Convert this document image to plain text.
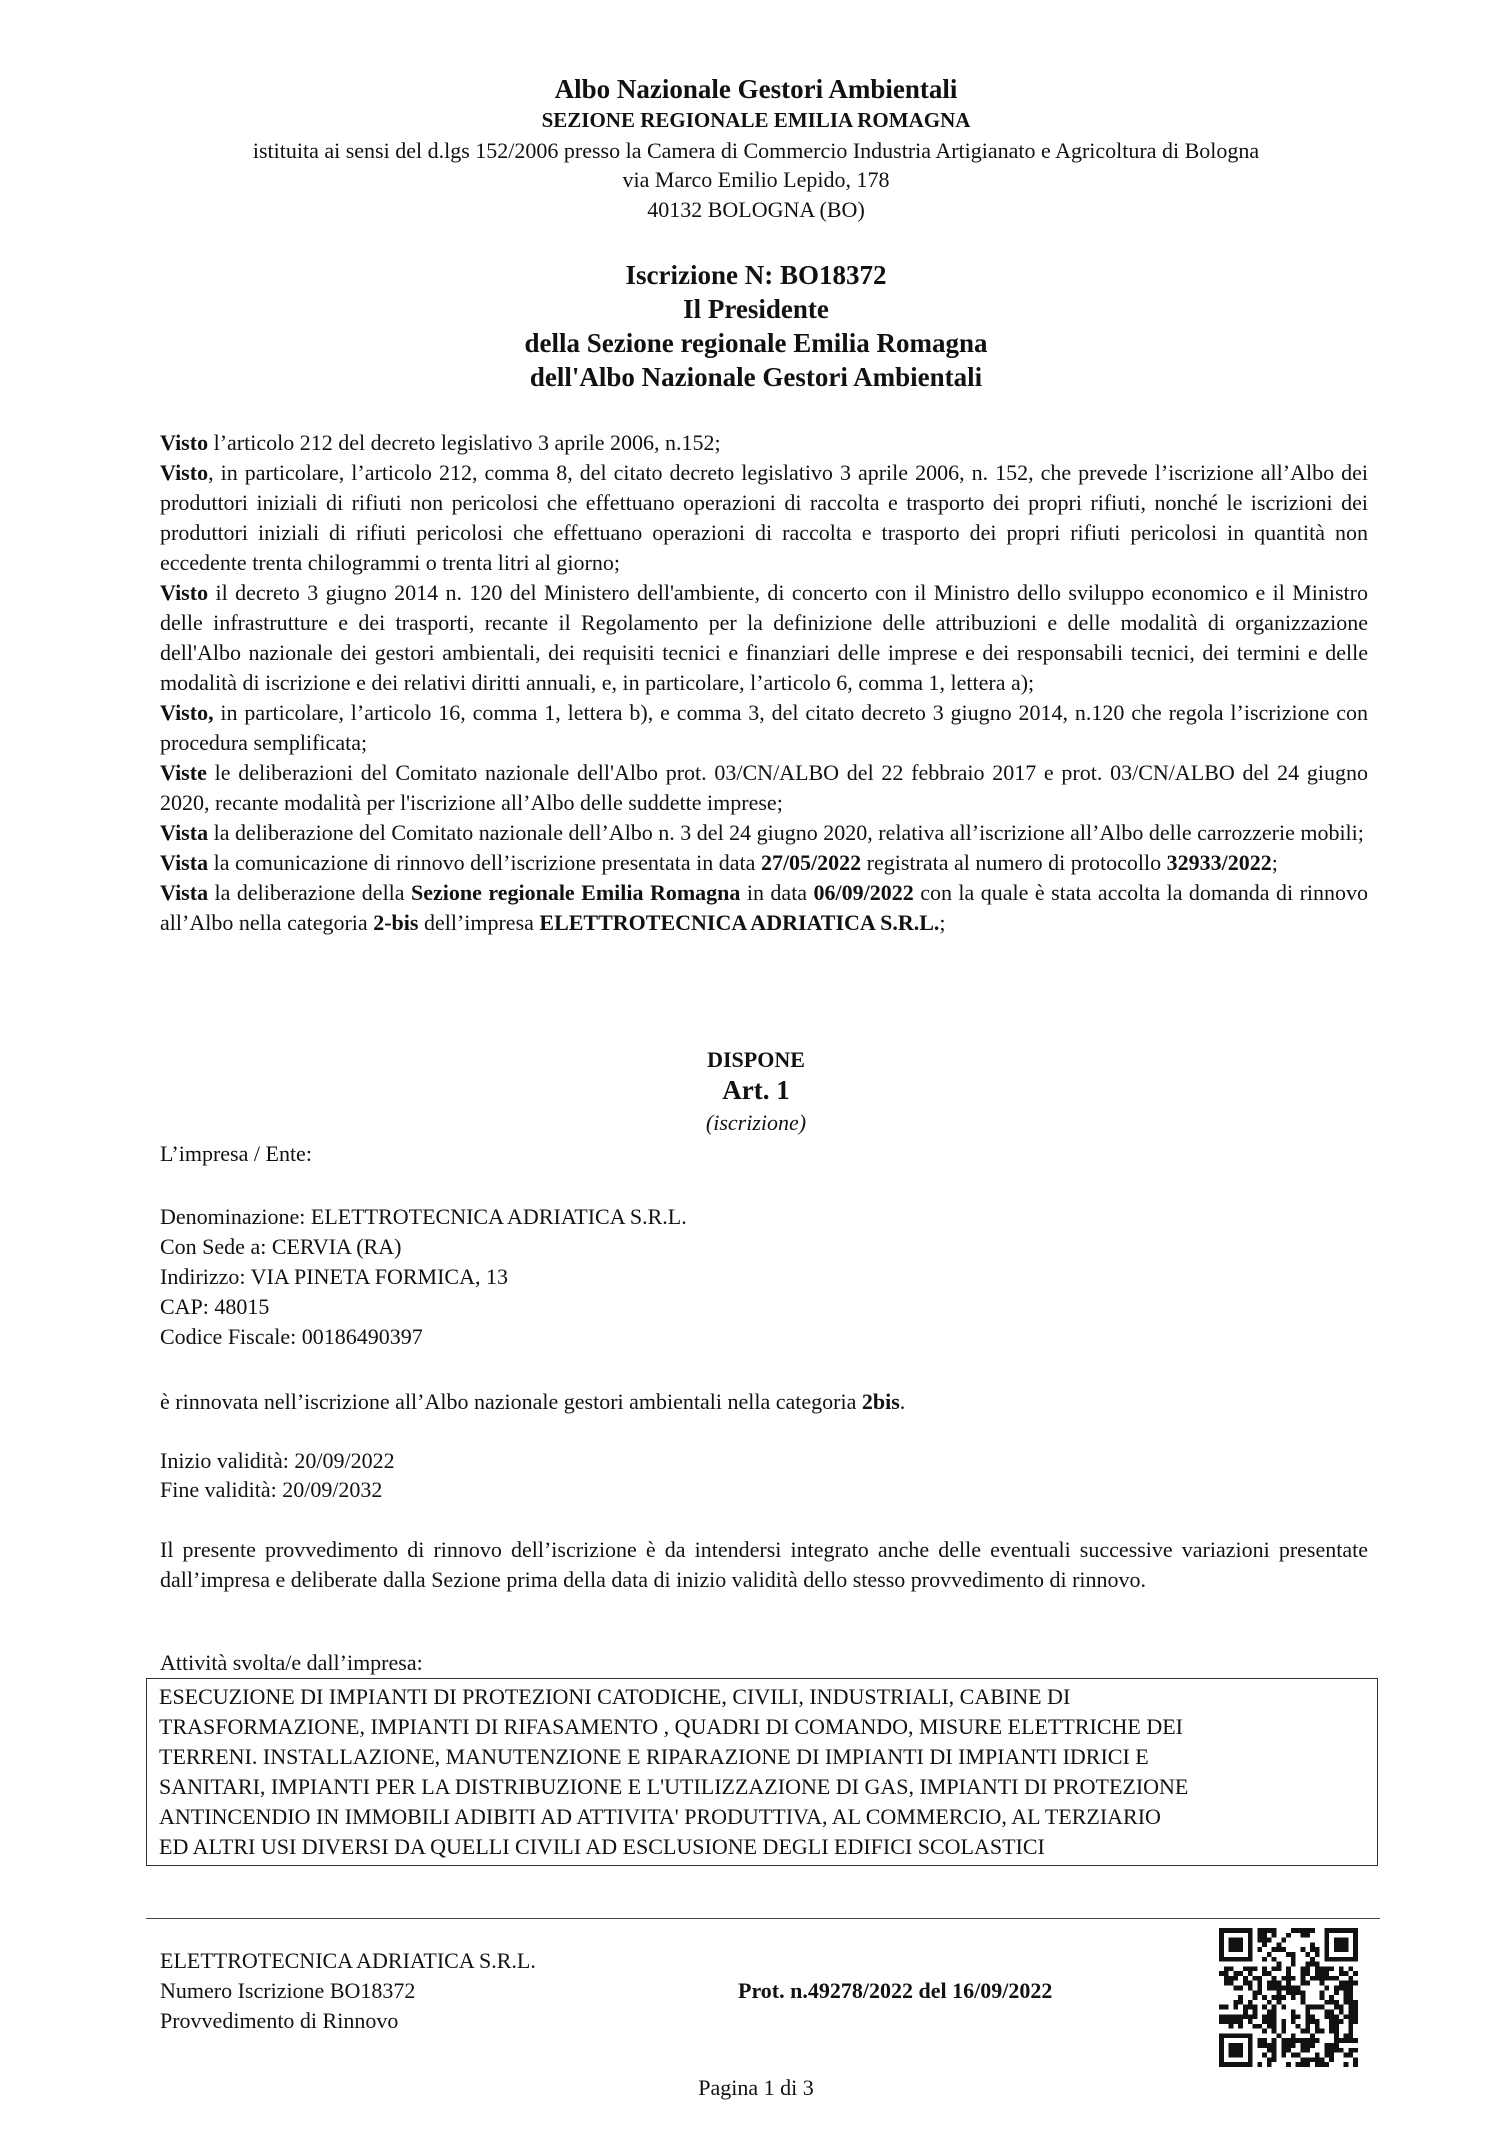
Albo Nazionale Gestori Ambientali
SEZIONE REGIONALE EMILIA ROMAGNA
istituita ai sensi del d.lgs 152/2006 presso la Camera di Commercio Industria Artigianato e Agricoltura di Bologna
via Marco Emilio Lepido, 178
40132 BOLOGNA (BO)
Iscrizione N: BO18372
Il Presidente
della Sezione regionale Emilia Romagna
dell'Albo Nazionale Gestori Ambientali

Visto l’articolo 212 del decreto legislativo 3 aprile 2006, n.152;

Visto, in particolare, l’articolo 212, comma 8, del citato decreto legislativo 3 aprile 2006, n. 152, che prevede l’iscrizione all’Albo dei produttori iniziali di rifiuti non pericolosi che effettuano operazioni di raccolta e trasporto dei propri rifiuti, nonché le iscrizioni dei produttori iniziali di rifiuti pericolosi che effettuano operazioni di raccolta e trasporto dei propri rifiuti pericolosi in quantità non eccedente trenta chilogrammi o trenta litri al giorno;

Visto il decreto 3 giugno 2014 n. 120 del Ministero dell'ambiente, di concerto con il Ministro dello sviluppo economico e il Ministro delle infrastrutture e dei trasporti, recante il Regolamento per la definizione delle attribuzioni e delle modalità di organizzazione dell'Albo nazionale dei gestori ambientali, dei requisiti tecnici e finanziari delle imprese e dei responsabili tecnici, dei termini e delle modalità di iscrizione e dei relativi diritti annuali, e, in particolare, l’articolo 6, comma 1, lettera a);

Visto, in particolare, l’articolo 16, comma 1, lettera b), e comma 3, del citato decreto 3 giugno 2014, n.120 che regola l’iscrizione con procedura semplificata;

Viste le deliberazioni del Comitato nazionale dell'Albo prot. 03/CN/ALBO del 22 febbraio 2017 e prot. 03/CN/ALBO del 24 giugno 2020, recante modalità per l'iscrizione all’Albo delle suddette imprese;

Vista la deliberazione del Comitato nazionale dell’Albo n. 3 del 24 giugno 2020, relativa all’iscrizione all’Albo delle carrozzerie mobili;

Vista la comunicazione di rinnovo dell’iscrizione presentata in data 27/05/2022 registrata al numero di protocollo 32933/2022;

Vista la deliberazione della Sezione regionale Emilia Romagna in data 06/09/2022 con la quale è stata accolta la domanda di rinnovo all’Albo nella categoria 2-bis dell’impresa ELETTROTECNICA ADRIATICA S.R.L.;

DISPONE
Art. 1
(iscrizione)
L’impresa / Ente:
Denominazione: ELETTROTECNICA ADRIATICA S.R.L.
Con Sede a: CERVIA (RA)
Indirizzo: VIA PINETA FORMICA, 13
CAP: 48015
Codice Fiscale: 00186490397
è rinnovata nell’iscrizione all’Albo nazionale gestori ambientali nella categoria 2bis.
Inizio validità: 20/09/2022
Fine validità: 20/09/2032
Il presente provvedimento di rinnovo dell’iscrizione è da intendersi integrato anche delle eventuali successive variazioni presentate dall’impresa e deliberate dalla Sezione prima della data di inizio validità dello stesso provvedimento di rinnovo.
Attività svolta/e dall’impresa:
ESECUZIONE DI IMPIANTI DI PROTEZIONI CATODICHE, CIVILI, INDUSTRIALI, CABINE DI
TRASFORMAZIONE, IMPIANTI DI RIFASAMENTO , QUADRI DI COMANDO, MISURE ELETTRICHE DEI
TERRENI. INSTALLAZIONE, MANUTENZIONE E RIPARAZIONE DI IMPIANTI DI IMPIANTI IDRICI E
SANITARI, IMPIANTI PER LA DISTRIBUZIONE E L'UTILIZZAZIONE DI GAS, IMPIANTI DI PROTEZIONE
ANTINCENDIO IN IMMOBILI ADIBITI AD ATTIVITA' PRODUTTIVA, AL COMMERCIO, AL TERZIARIO
ED ALTRI USI DIVERSI DA QUELLI CIVILI AD ESCLUSIONE DEGLI EDIFICI SCOLASTICI
ELETTROTECNICA ADRIATICA S.R.L.
Numero Iscrizione BO18372
Provvedimento di Rinnovo
Prot. n.49278/2022 del 16/09/2022
Pagina 1 di 3
